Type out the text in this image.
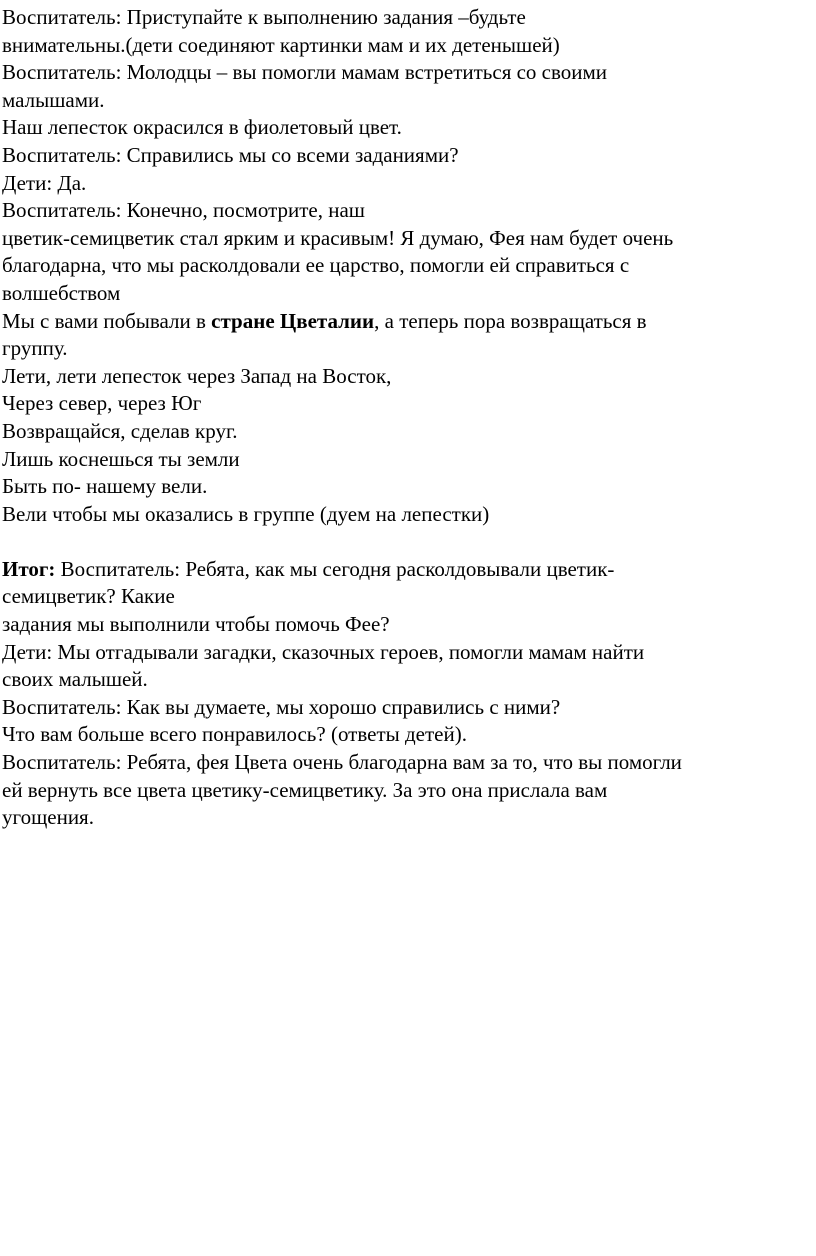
Воспитатель: Приступайте к выполнению задания –будьте

внимательны.(дети соединяют картинки мам и их детенышей)

Воспитатель: Молодцы – вы помогли мамам встретиться со своими

малышами.

Наш лепесток окрасился в фиолетовый цвет.

Воспитатель: Справились мы со всеми заданиями?

Дети: Да.

Воспитатель: Конечно, посмотрите, наш

цветик-семицветик стал ярким и красивым! Я думаю, Фея нам будет очень

благодарна, что мы расколдовали ее царство, помогли ей справиться с

волшебством

Мы с вами побывали в стране Цветалии, а теперь пора возвращаться в

группу.

Лети, лети лепесток через Запад на Восток,

Через север, через Юг

Возвращайся, сделав круг.

Лишь коснешься ты земли

Быть по- нашему вели.

Вели чтобы мы оказались в группе (дуем на лепестки)

Итог: Воспитатель: Ребята, как мы сегодня расколдовывали цветик-

семицветик? Какие

задания мы выполнили чтобы помочь Фее?

Дети: Мы отгадывали загадки, сказочных героев, помогли мамам найти

своих малышей.

Воспитатель: Как вы думаете, мы хорошо справились с ними?

Что вам больше всего понравилось? (ответы детей).

Воспитатель: Ребята, фея Цвета очень благодарна вам за то, что вы помогли

ей вернуть все цвета цветику-семицветику. За это она прислала вам

угощения.
